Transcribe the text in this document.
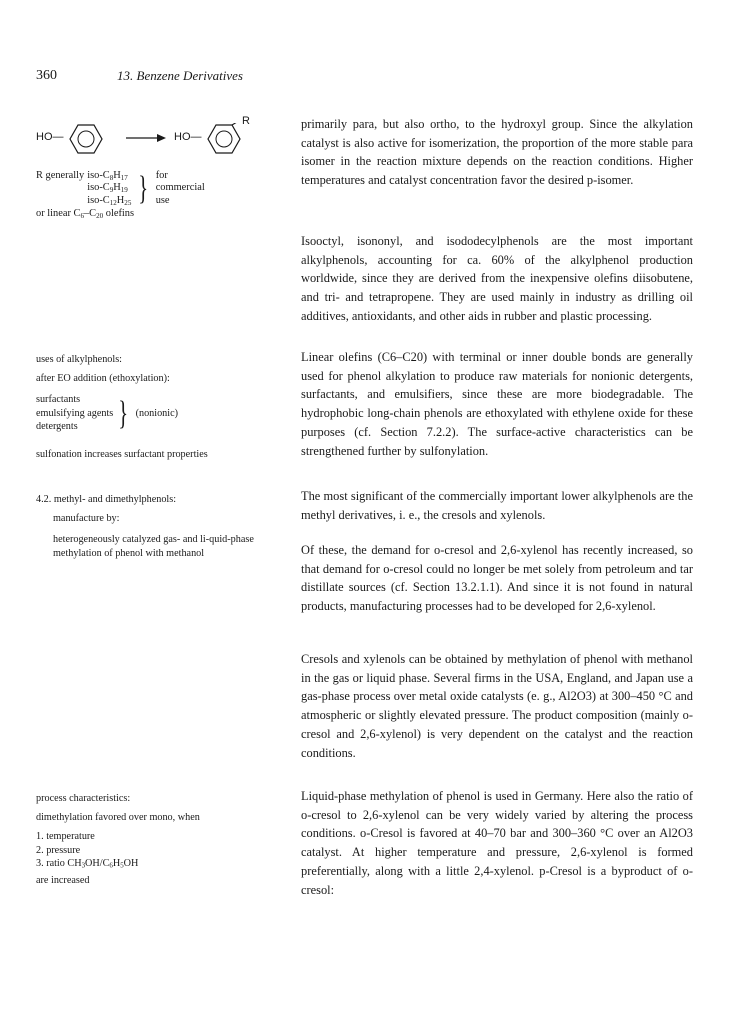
360	13. Benzene Derivatives
HO—	→ HO—
R
R generally iso-$C_8H_{17}$
iso-$C_9H_{19}$
iso-$C_{12}H_{25}$ } for
commercial
use
or linear $C_6-C_{20}$ olefins
uses of alkylphenols:
after EO addition (ethoxylation):
surfactants
emulsifying agents
detergents	} (nonionic)
sulfonation increases surfactant properties
4.2. methyl- and dimethylphenols:
manufacture by:
heterogeneously catalyzed gas- and li-quid-phase methylation of phenol with methanol
process characteristics:
dimethylation favored over mono, when
1. temperature
2. pressure
3. ratio $CH_3OH/C_6H_5OH$
are increased

primarily para, but also ortho, to the hydroxyl group. Since the alkylation catalyst is also active for isomerization, the proportion of the more stable para isomer in the reaction mixture depends on the reaction conditions. Higher temperatures and catalyst concentration favor the desired p-isomer.

Isooctyl, isononyl, and isododecylphenols are the most important alkylphenols, accounting for ca. 60% of the alkylphenol production worldwide, since they are derived from the inexpensive olefins diisobutene, and tri- and tetrapropene. They are used mainly in industry as drilling oil additives, antioxidants, and other aids in rubber and plastic processing.

Linear olefins (C6–C20) with terminal or inner double bonds are generally used for phenol alkylation to produce raw materials for nonionic detergents, surfactants, and emulsifiers, since these are more biodegradable. The hydrophobic long-chain phenols are ethoxylated with ethylene oxide for these purposes (cf. Section 7.2.2). The surface-active characteristics can be strengthened further by sulfonylation.

The most significant of the commercially important lower alkylphenols are the methyl derivatives, i. e., the cresols and xylenols.

Of these, the demand for o-cresol and 2,6-xylenol has recently increased, so that demand for o-cresol could no longer be met solely from petroleum and tar distillate sources (cf. Section 13.2.1.1). And since it is not found in natural products, manufacturing processes had to be developed for 2,6-xylenol.

Cresols and xylenols can be obtained by methylation of phenol with methanol in the gas or liquid phase. Several firms in the USA, England, and Japan use a gas-phase process over metal oxide catalysts (e. g., Al2O3) at 300–450 °C and atmospheric or slightly elevated pressure. The product composition (mainly o-cresol and 2,6-xylenol) is very dependent on the catalyst and the reaction conditions.

Liquid-phase methylation of phenol is used in Germany. Here also the ratio of o-cresol to 2,6-xylenol can be very widely varied by altering the process conditions. o-Cresol is favored at 40–70 bar and 300–360 °C over an Al2O3 catalyst. At higher temperature and pressure, 2,6-xylenol is formed preferentially, along with a little 2,4-xylenol. p-Cresol is a byproduct of o-cresol:
